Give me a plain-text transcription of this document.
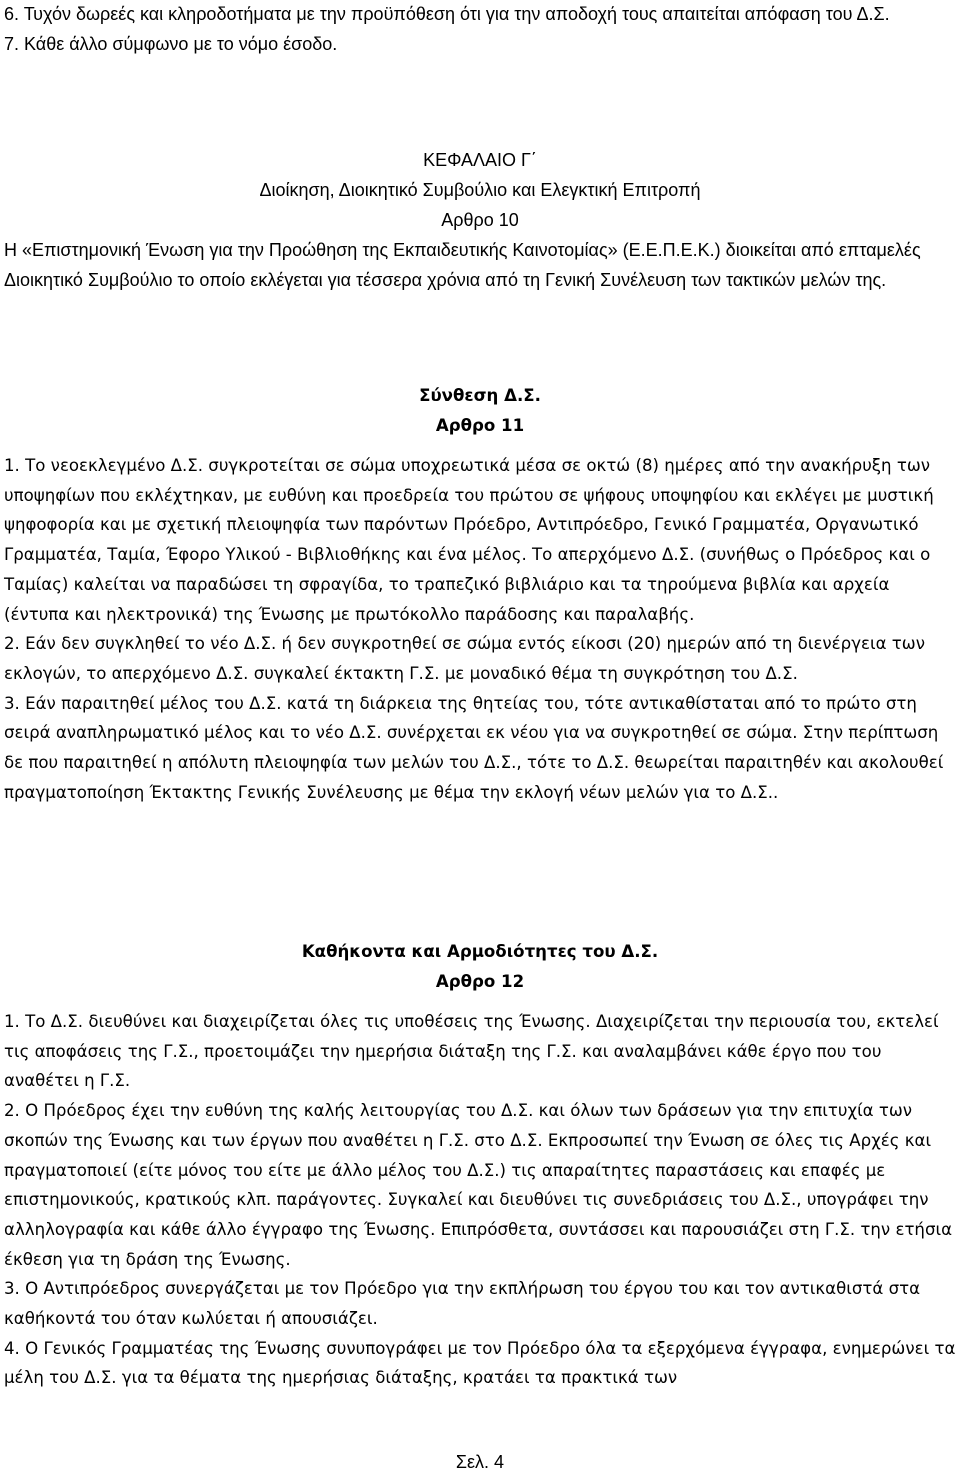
6. Τυχόν δωρεές και κληροδοτήματα με την προϋπόθεση ότι για την αποδοχή τους απαιτείται απόφαση του Δ.Σ.

7. Κάθε άλλο σύμφωνο με το νόμο έσοδο.

ΚΕΦΑΛΑΙΟ Γ΄

Διοίκηση, Διοικητικό Συμβούλιο και Ελεγκτική Επιτροπή

Αρθρο 10

Η «Επιστημονική Ένωση για την Προώθηση της Εκπαιδευτικής Καινοτομίας» (Ε.Ε.Π.Ε.Κ.) διοικείται από επταμελές Διοικητικό Συμβούλιο το οποίο εκλέγεται για τέσσερα χρόνια από τη Γενική Συνέλευση των τακτικών μελών της.

Σύνθεση Δ.Σ.

Αρθρο 11

1. Το νεοεκλεγμένο Δ.Σ. συγκροτείται σε σώμα υποχρεωτικά μέσα σε οκτώ (8) ημέρες από την ανακήρυξη των υποψηφίων που εκλέχτηκαν, με ευθύνη και προεδρεία του πρώτου σε ψήφους υποψηφίου και εκλέγει με μυστική ψηφοφορία και με σχετική πλειοψηφία των παρόντων Πρόεδρο, Αντιπρόεδρο, Γενικό Γραμματέα, Οργανωτικό Γραμματέα, Ταμία, Έφορο Υλικού - Βιβλιοθήκης και ένα μέλος. Το απερχόμενο Δ.Σ. (συνήθως ο Πρόεδρος και ο Ταμίας) καλείται να παραδώσει τη σφραγίδα, το τραπεζικό βιβλιάριο και τα τηρούμενα βιβλία και αρχεία (έντυπα και ηλεκτρονικά) της Ένωσης με πρωτόκολλο παράδοσης και παραλαβής.

2. Εάν δεν συγκληθεί το νέο Δ.Σ. ή δεν συγκροτηθεί σε σώμα εντός είκοσι (20) ημερών από τη διενέργεια των εκλογών, το απερχόμενο Δ.Σ. συγκαλεί έκτακτη Γ.Σ. με μοναδικό θέμα τη συγκρότηση του Δ.Σ.

3. Εάν παραιτηθεί μέλος του Δ.Σ. κατά τη διάρκεια της θητείας του, τότε αντικαθίσταται από το πρώτο στη σειρά αναπληρωματικό μέλος και το νέο Δ.Σ. συνέρχεται εκ νέου για να συγκροτηθεί σε σώμα. Στην περίπτωση δε που παραιτηθεί η απόλυτη πλειοψηφία των μελών του Δ.Σ., τότε το Δ.Σ. θεωρείται παραιτηθέν και ακολουθεί πραγματοποίηση Έκτακτης Γενικής Συνέλευσης με θέμα την εκλογή νέων μελών για το Δ.Σ..

Καθήκοντα και Αρμοδιότητες του Δ.Σ.

Αρθρο 12

1. Το Δ.Σ. διευθύνει και διαχειρίζεται όλες τις υποθέσεις της Ένωσης. Διαχειρίζεται την περιουσία του, εκτελεί τις αποφάσεις της Γ.Σ., προετοιμάζει την ημερήσια διάταξη της Γ.Σ. και αναλαμβάνει κάθε έργο που του αναθέτει η Γ.Σ.

2. Ο Πρόεδρος έχει την ευθύνη της καλής λειτουργίας του Δ.Σ. και όλων των δράσεων για την επιτυχία των σκοπών της Ένωσης και των έργων που αναθέτει η Γ.Σ. στο Δ.Σ. Εκπροσωπεί την Ένωση σε όλες τις Αρχές και πραγματοποιεί (είτε μόνος του είτε με άλλο μέλος του Δ.Σ.) τις απαραίτητες παραστάσεις και επαφές με επιστημονικούς, κρατικούς κλπ. παράγοντες. Συγκαλεί και διευθύνει τις συνεδριάσεις του Δ.Σ., υπογράφει την αλληλογραφία και κάθε άλλο έγγραφο της Ένωσης. Επιπρόσθετα, συντάσσει και παρουσιάζει στη Γ.Σ. την ετήσια έκθεση για τη δράση της Ένωσης.

3. Ο Αντιπρόεδρος συνεργάζεται με τον Πρόεδρο για την εκπλήρωση του έργου του και τον αντικαθιστά στα καθήκοντά του όταν κωλύεται ή απουσιάζει.

4. Ο Γενικός Γραμματέας της Ένωσης συνυπογράφει με τον Πρόεδρο όλα τα εξερχόμενα έγγραφα, ενημερώνει τα μέλη του Δ.Σ. για τα θέματα της ημερήσιας διάταξης, κρατάει τα πρακτικά των

Σελ. 4
